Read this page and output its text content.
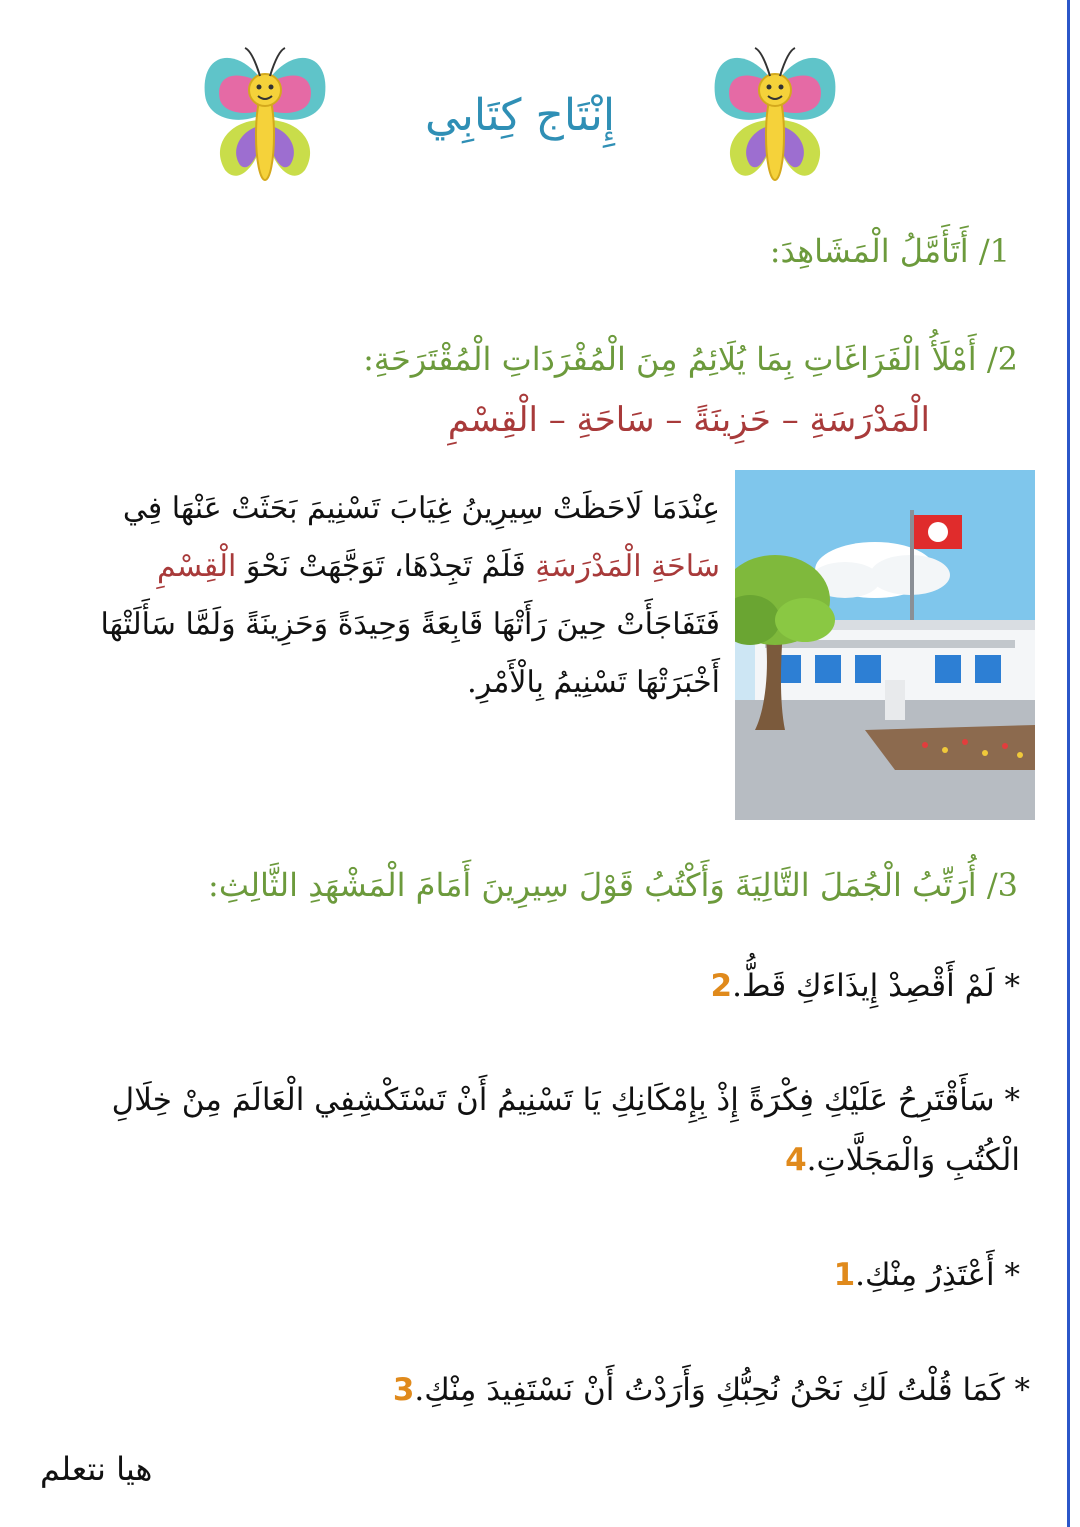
إِنْتَاج كِتَابِي
1/ أَتَأَمَّلُ الْمَشَاهِدَ:
2/ أَمْلَأُ الْفَرَاغَاتِ بِمَا يُلَائِمُ مِنَ الْمُفْرَدَاتِ الْمُقْتَرَحَةِ:
الْمَدْرَسَةِ – حَزِينَةً – سَاحَةِ – الْقِسْمِ
عِنْدَمَا لَاحَظَتْ سِيرِينُ غِيَابَ تَسْنِيمَ بَحَثَتْ عَنْهَا فِي سَاحَةِ الْمَدْرَسَةِ فَلَمْ تَجِدْهَا، تَوَجَّهَتْ نَحْوَ الْقِسْمِ فَتَفَاجَأَتْ حِينَ رَأَتْهَا قَابِعَةً وَحِيدَةً وَحَزِينَةً وَلَمَّا سَأَلَتْهَا أَخْبَرَتْهَا تَسْنِيمُ بِالْأَمْرِ.
3/ أُرَتِّبُ الْجُمَلَ التَّالِيَةَ وَأَكْتُبُ قَوْلَ سِيرِينَ أَمَامَ الْمَشْهَدِ الثَّالِثِ:
* لَمْ أَقْصِدْ إِيذَاءَكِ قَطُّ.2
* سَأَقْتَرِحُ عَلَيْكِ فِكْرَةً إِذْ بِإِمْكَانِكِ يَا تَسْنِيمُ أَنْ تَسْتَكْشِفِي الْعَالَمَ مِنْ خِلَالِ الْكُتُبِ وَالْمَجَلَّاتِ.4
* أَعْتَذِرُ مِنْكِ.1
* كَمَا قُلْتُ لَكِ نَحْنُ نُحِبُّكِ وَأَرَدْتُ أَنْ نَسْتَفِيدَ مِنْكِ.3
هيا نتعلم
